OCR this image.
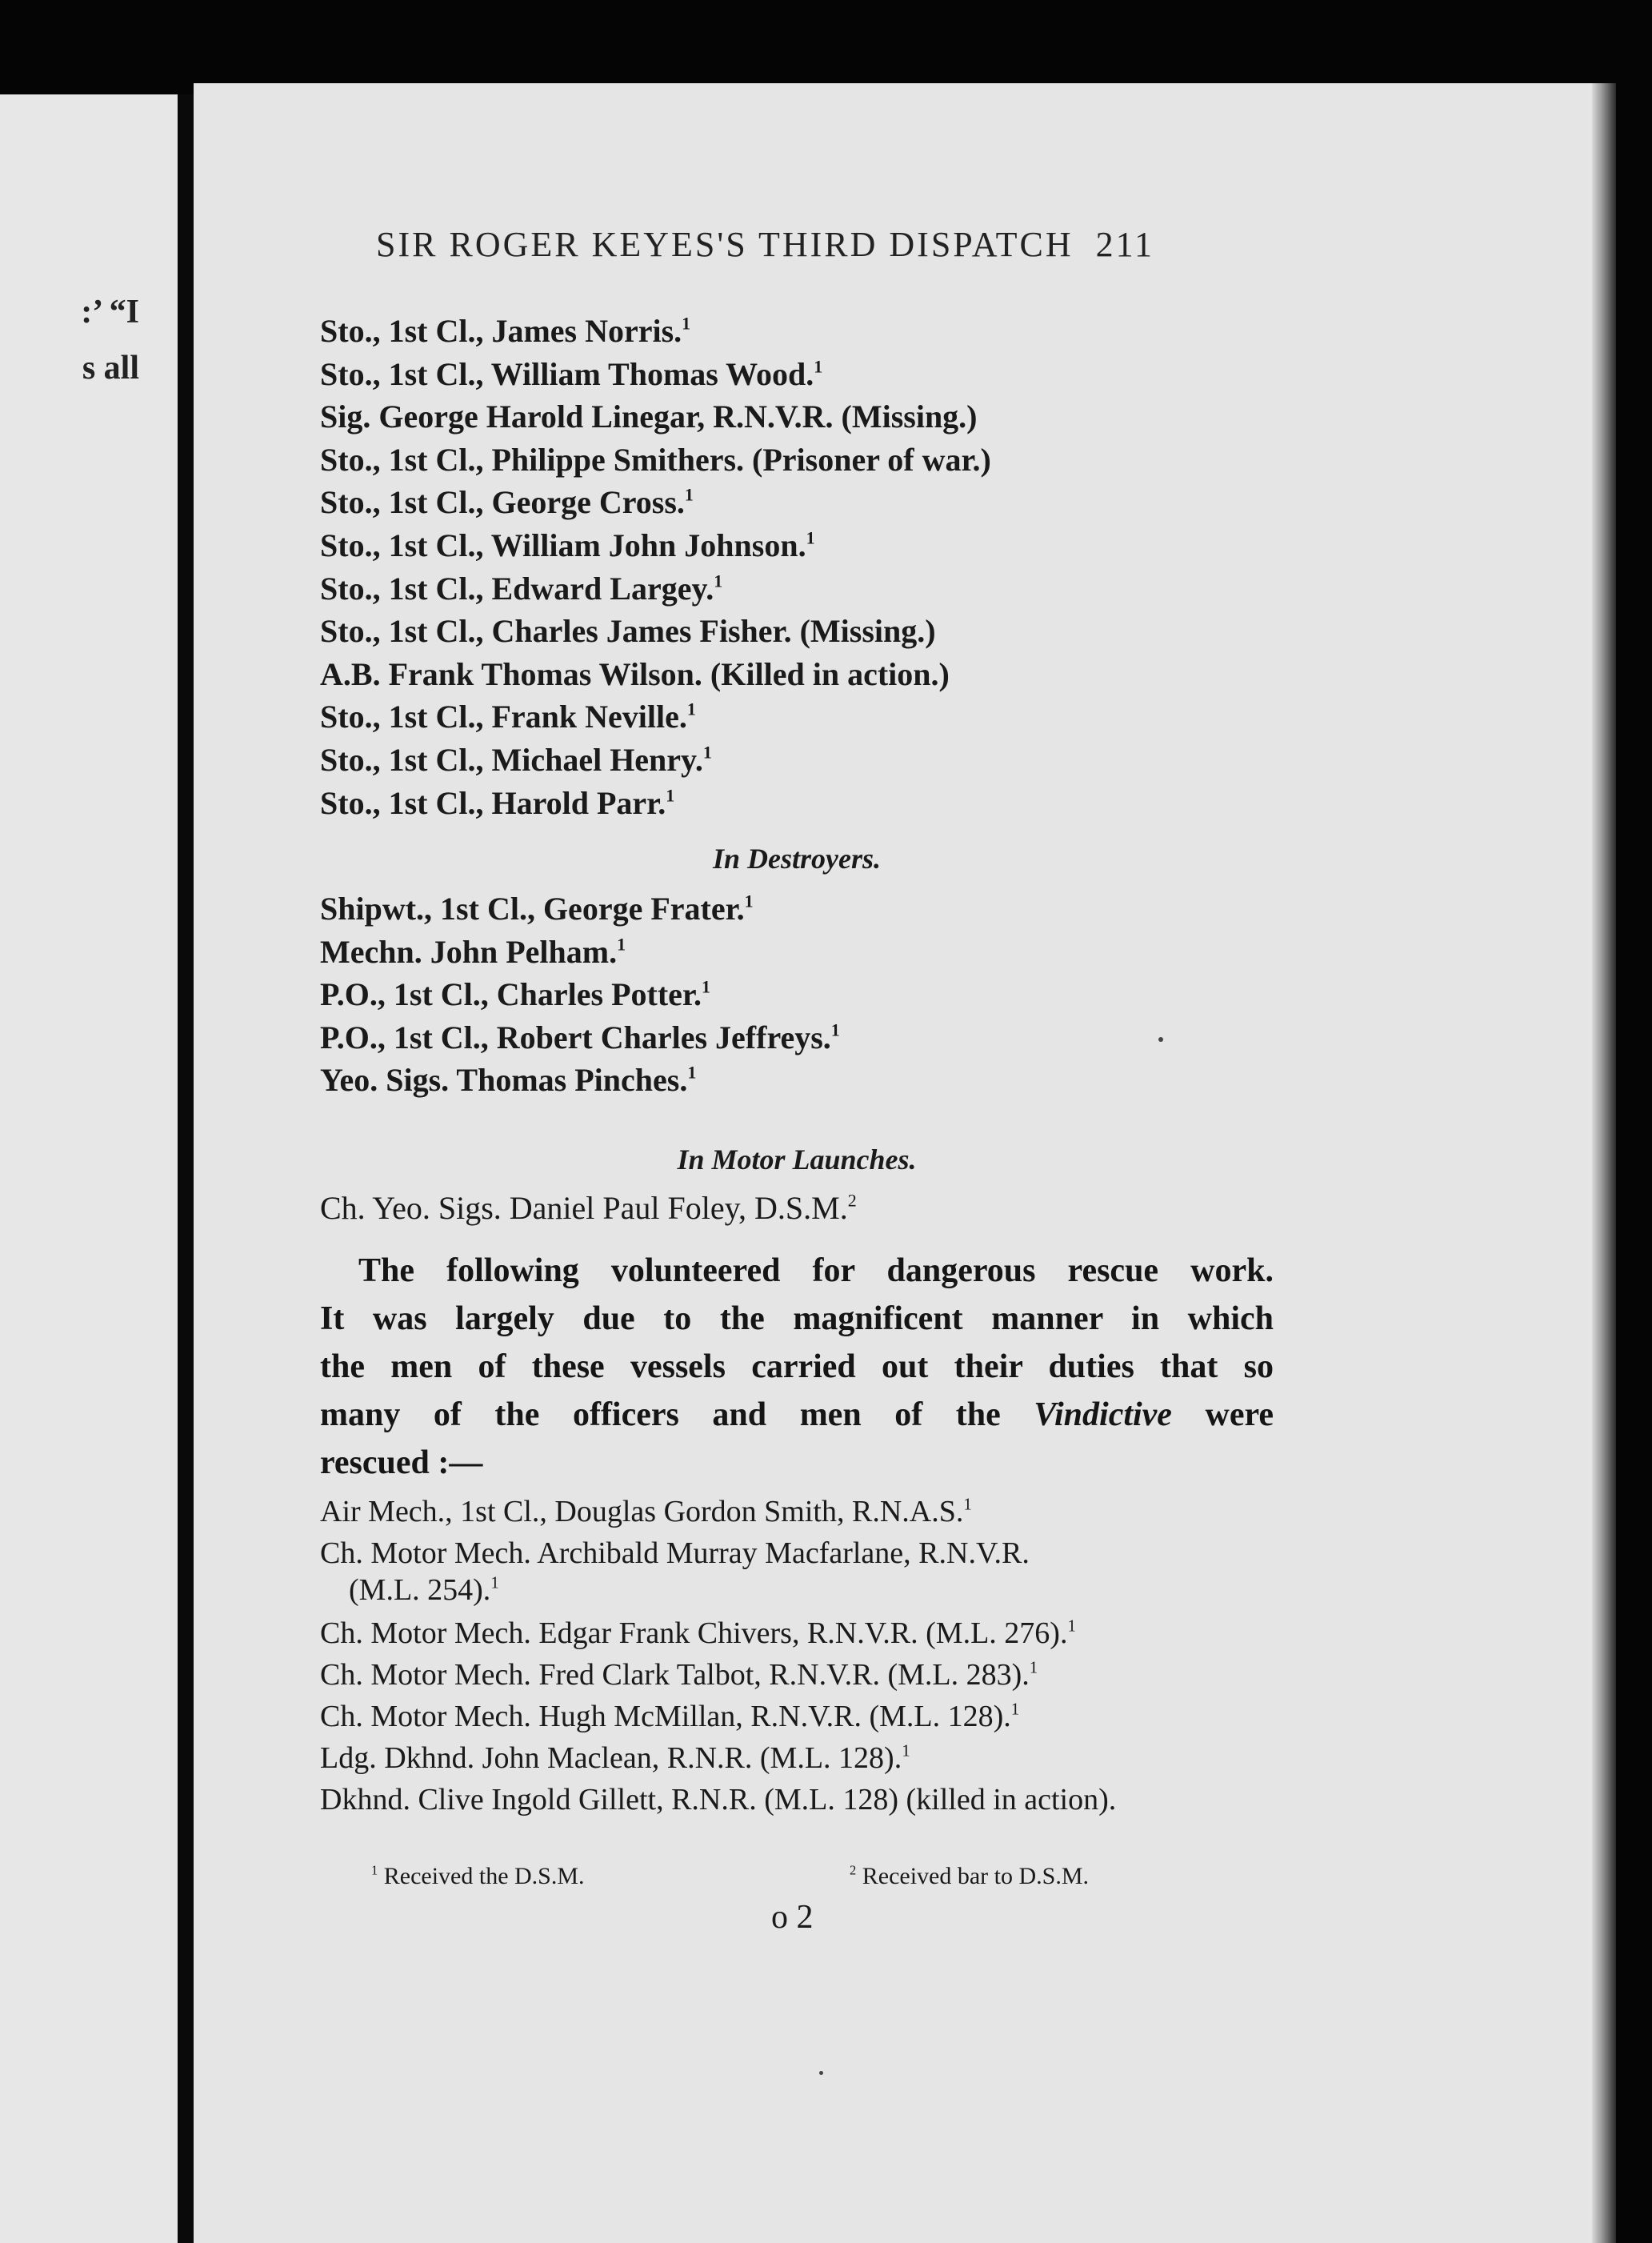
:’ “I
s all
SIR ROGER KEYES'S THIRD DISPATCH 211
Sto., 1st Cl., James Norris.$^1$
Sto., 1st Cl., William Thomas Wood.$^1$
Sig. George Harold Linegar, R.N.V.R. (Missing.)
Sto., 1st Cl., Philippe Smithers. (Prisoner of war.)
Sto., 1st Cl., George Cross.$^1$
Sto., 1st Cl., William John Johnson.$^1$
Sto., 1st Cl., Edward Largey.$^1$
Sto., 1st Cl., Charles James Fisher. (Missing.)
A.B. Frank Thomas Wilson. (Killed in action.)
Sto., 1st Cl., Frank Neville.$^1$
Sto., 1st Cl., Michael Henry.$^1$
Sto., 1st Cl., Harold Parr.$^1$
In Destroyers.
Shipwt., 1st Cl., George Frater.$^1$
Mechn. John Pelham.$^1$
P.O., 1st Cl., Charles Potter.$^1$
P.O., 1st Cl., Robert Charles Jeffreys.$^1$
Yeo. Sigs. Thomas Pinches.$^1$
In Motor Launches.
Ch. Yeo. Sigs. Daniel Paul Foley, D.S.M.$^2$
The following volunteered for dangerous rescue work.
It was largely due to the magnificent manner in which
the men of these vessels carried out their duties that so
many of the officers and men of the Vindictive were
rescued :—
Air Mech., 1st Cl., Douglas Gordon Smith, R.N.A.S.$^1$
Ch. Motor Mech. Archibald Murray Macfarlane, R.N.V.R.
(M.L. 254).$^1$
Ch. Motor Mech. Edgar Frank Chivers, R.N.V.R. (M.L. 276).$^1$
Ch. Motor Mech. Fred Clark Talbot, R.N.V.R. (M.L. 283).$^1$
Ch. Motor Mech. Hugh McMillan, R.N.V.R. (M.L. 128).$^1$
Ldg. Dkhnd. John Maclean, R.N.R. (M.L. 128).$^1$
Dkhnd. Clive Ingold Gillett, R.N.R. (M.L. 128) (killed in action).
$^1$ Received the D.S.M.	$^2$ Received bar to D.S.M.
o 2
